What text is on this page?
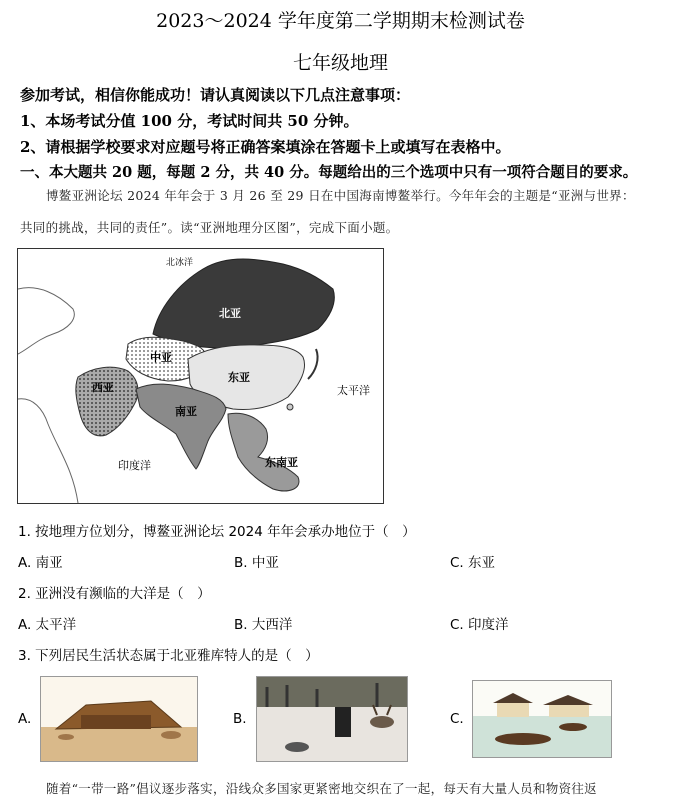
2023～2024 学年度第二学期期末检测试卷
七年级地理
参加考试，相信你能成功！请认真阅读以下几点注意事项：
1、本场考试分值 100 分，考试时间共 50 分钟。
2、请根据学校要求对应题号将正确答案填涂在答题卡上或填写在表格中。
一、本大题共 20 题，每题 2 分，共 40 分。每题给出的三个选项中只有一项符合题目的要求。
博鳌亚洲论坛 2024 年年会于 3 月 26 至 29 日在中国海南博鳌举行。今年年会的主题是“亚洲与世界：
共同的挑战，共同的责任”。读“亚洲地理分区图”，完成下面小题。
北冰洋
北亚
中亚
东亚
西亚
南亚
东南亚
太平洋
印度洋
1. 按地理方位划分，博鳌亚洲论坛 2024 年年会承办地位于（　）
A. 南亚	B. 中亚	C. 东亚
2. 亚洲没有濒临的大洋是（　）
A. 太平洋	B. 大西洋	C. 印度洋
3. 下列居民生活状态属于北亚雅库特人的是（　）
A.	B.	C.
随着“一带一路”倡议逐步落实，沿线众多国家更紧密地交织在了一起，每天有大量人员和物资往返
